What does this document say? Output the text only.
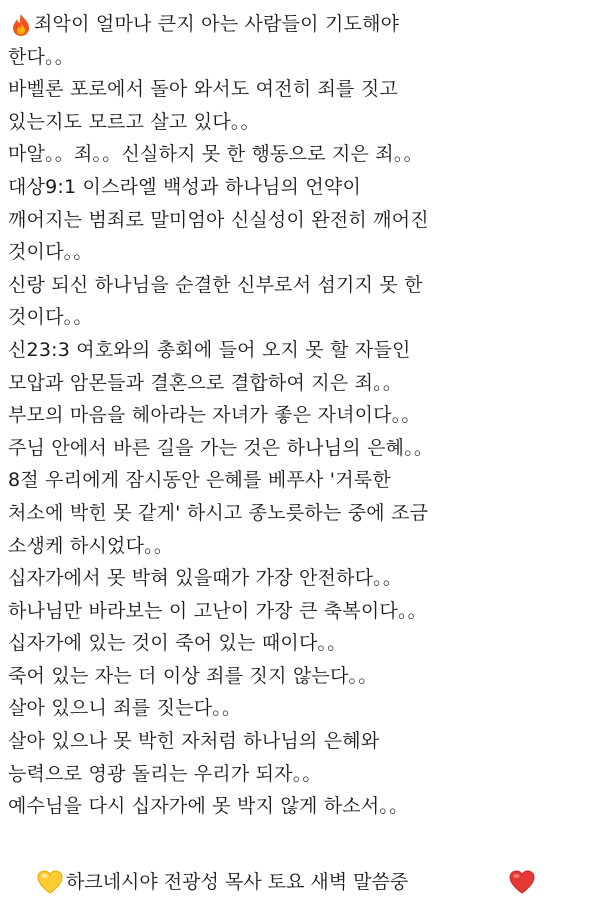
죄악이 얼마나 큰지 아는 사람들이 기도해야
한다。。
바벨론 포로에서 돌아 와서도 여전히 죄를 짓고
있는지도 모르고 살고 있다。。
마알。。죄。。신실하지 못 한 행동으로 지은 죄。。
대상9:1 이스라엘 백성과 하나님의 언약이
깨어지는 범죄로 말미엄아 신실성이 완전히 깨어진
것이다。。
신랑 되신 하나님을 순결한 신부로서 섬기지 못 한
것이다。。
신23:3 여호와의 총회에 들어 오지 못 할 자들인
모압과 암몬들과 결혼으로 결합하여 지은 죄。。
부모의 마음을 헤아라는 자녀가 좋은 자녀이다。。
주님 안에서 바른 길을 가는 것은 하나님의 은혜。。
8절 우리에게 잠시동안 은혜를 베푸사 '거룩한
처소에 박힌 못 같게' 하시고 종노릇하는 중에 조금
소생케 하시었다。。
십자가에서 못 박혀 있을때가 가장 안전하다。。
하나님만 바라보는 이 고난이 가장 큰 축복이다。。
십자가에 있는 것이 죽어 있는 때이다。。
죽어 있는 자는 더 이상 죄를 짓지 않는다。。
살아 있으니 죄를 짓는다。。
살아 있으나 못 박힌 자처럼 하나님의 은혜와
능력으로 영광 돌리는 우리가 되자。。
예수님을 다시 십자가에 못 박지 않게 하소서。。
하크네시야 전광성 목사 토요 새벽 말씀중
